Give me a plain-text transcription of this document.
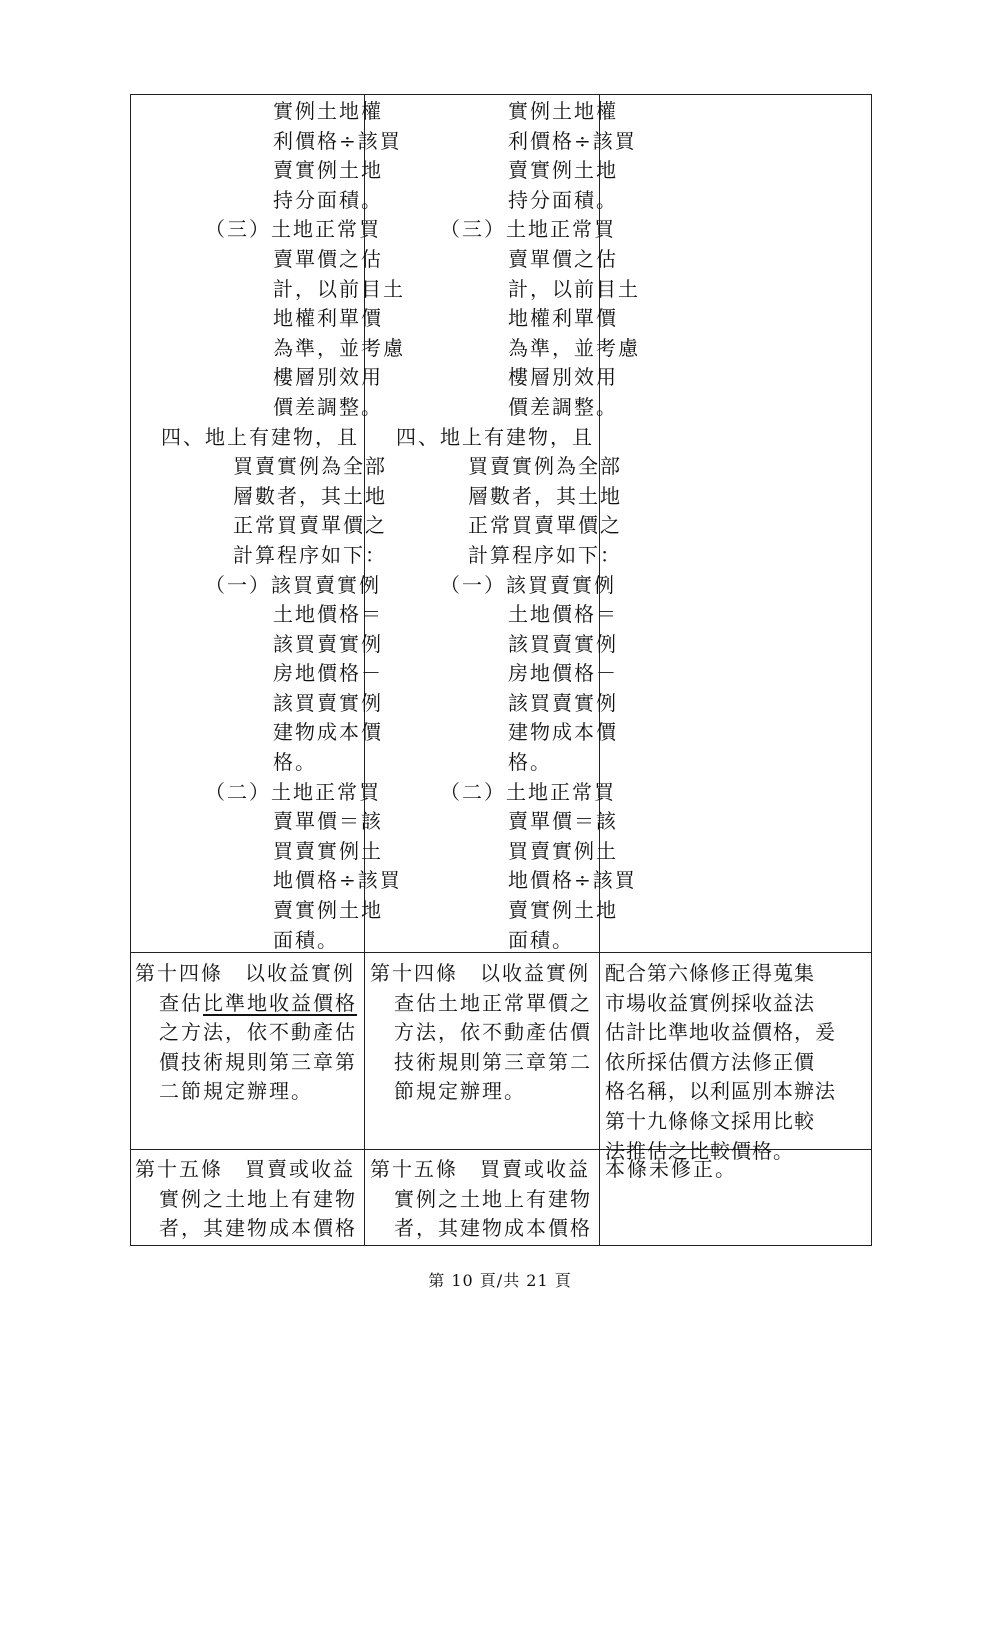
實例土地權
利價格÷該買
賣實例土地
持分面積。
（三）土地正常買
賣單價之估
計，以前目土
地權利單價
為準，並考慮
樓層別效用
價差調整。
四、地上有建物，且
買賣實例為全部
層數者，其土地
正常買賣單價之
計算程序如下：
（一）該買賣實例
土地價格＝
該買賣實例
房地價格－
該買賣實例
建物成本價
格。
（二）土地正常買
賣單價＝該
買賣實例土
地價格÷該買
賣實例土地
面積。
實例土地權
利價格÷該買
賣實例土地
持分面積。
（三）土地正常買
賣單價之估
計，以前目土
地權利單價
為準，並考慮
樓層別效用
價差調整。
四、地上有建物，且
買賣實例為全部
層數者，其土地
正常買賣單價之
計算程序如下：
（一）該買賣實例
土地價格＝
該買賣實例
房地價格－
該買賣實例
建物成本價
格。
（二）土地正常買
賣單價＝該
買賣實例土
地價格÷該買
賣實例土地
面積。
第十四條　以收益實例
查估比準地收益價格
之方法，依不動產估
價技術規則第三章第
二節規定辦理。
第十四條　以收益實例
查估土地正常單價之
方法，依不動產估價
技術規則第三章第二
節規定辦理。
配合第六條修正得蒐集
市場收益實例採收益法
估計比準地收益價格，爰
依所採估價方法修正價
格名稱，以利區別本辦法
第十九條條文採用比較
法推估之比較價格。
第十五條　買賣或收益
實例之土地上有建物
者，其建物成本價格
第十五條　買賣或收益
實例之土地上有建物
者，其建物成本價格
本條未修正。
第 10 頁/共 21 頁
